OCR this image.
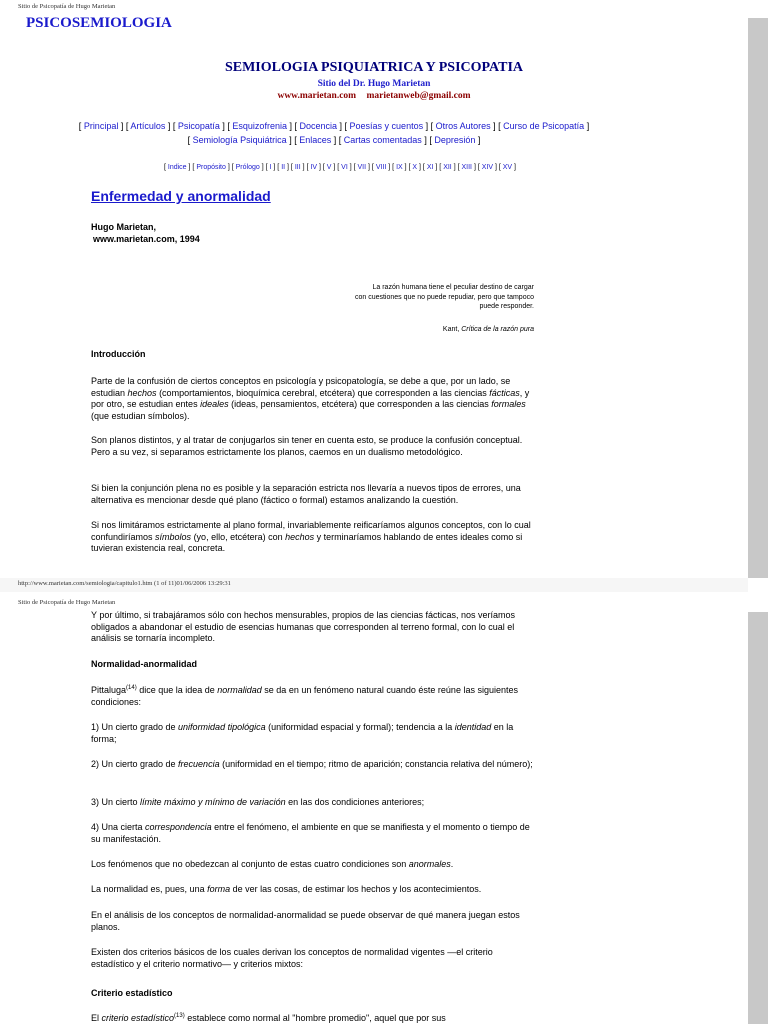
Sitio de Psicopatía de Hugo Marietan
PSICOSEMIOLOGIA
SEMIOLOGIA PSIQUIATRICA Y PSICOPATIA
Sitio del Dr. Hugo Marietan
www.marietan.com marietanweb@gmail.com
[ Principal ] [ Artículos ] [ Psicopatía ] [ Esquizofrenia ] [ Docencia ] [ Poesías y cuentos ] [ Otros Autores ] [ Curso de Psicopatía ]
[ Semiología Psiquiátrica ] [ Enlaces ] [ Cartas comentadas ] [ Depresión ]
[ Indice ] [ Propósito ] [ Prólogo ] [ I ] [ II ] [ III ] [ IV ] [ V ] [ VI ] [ VII ] [ VIII ] [ IX ] [ X ] [ XI ] [ XII ] [ XIII ] [ XIV ] [ XV ]
Enfermedad y anormalidad
Hugo Marietan,
www.marietan.com, 1994
La razón humana tiene el peculiar destino de cargar
con cuestiones que no puede repudiar, pero que tampoco
puede responder.
Kant, Crítica de la razón pura
Introducción
Parte de la confusión de ciertos conceptos en psicología y psicopatología, se debe a que, por un lado, se estudian hechos (comportamientos, bioquímica cerebral, etcétera) que corresponden a las ciencias fácticas, y por otro, se estudian entes ideales (ideas, pensamientos, etcétera) que corresponden a las ciencias formales (que estudian símbolos).
Son planos distintos, y al tratar de conjugarlos sin tener en cuenta esto, se produce la confusión conceptual. Pero a su vez, si separamos estrictamente los planos, caemos en un dualismo metodológico.
Si bien la conjunción plena no es posible y la separación estricta nos llevaría a nuevos tipos de errores, una alternativa es mencionar desde qué plano (fáctico o formal) estamos analizando la cuestión.
Si nos limitáramos estrictamente al plano formal, invariablemente reificaríamos algunos conceptos, con lo cual confundiríamos símbolos (yo, ello, etcétera) con hechos y terminaríamos hablando de entes ideales como si tuvieran existencia real, concreta.
http://www.marietan.com/semiologia/capitulo1.htm (1 of 11)01/06/2006 13:29:31
Sitio de Psicopatía de Hugo Marietan
Y por último, si trabajáramos sólo con hechos mensurables, propios de las ciencias fácticas, nos veríamos obligados a abandonar el estudio de esencias humanas que corresponden al terreno formal, con lo cual el análisis se tornaría incompleto.
Normalidad-anormalidad
Pittaluga$^{(14)}$ dice que la idea de normalidad se da en un fenómeno natural cuando éste reúne las siguientes condiciones:
1) Un cierto grado de uniformidad tipológica (uniformidad espacial y formal); tendencia a la identidad en la forma;
2) Un cierto grado de frecuencia (uniformidad en el tiempo; ritmo de aparición; constancia relativa del número);
3) Un cierto límite máximo y mínimo de variación en las dos condiciones anteriores;
4) Una cierta correspondencia entre el fenómeno, el ambiente en que se manifiesta y el momento o tiempo de su manifestación.
Los fenómenos que no obedezcan al conjunto de estas cuatro condiciones son anormales.
La normalidad es, pues, una forma de ver las cosas, de estimar los hechos y los acontecimientos.
En el análisis de los conceptos de normalidad-anormalidad se puede observar de qué manera juegan estos planos.
Existen dos criterios básicos de los cuales derivan los conceptos de normalidad vigentes —el criterio estadístico y el criterio normativo— y criterios mixtos:
Criterio estadístico
El criterio estadístico$^{(13)}$ establece como normal al "hombre promedio", aquel que por sus
